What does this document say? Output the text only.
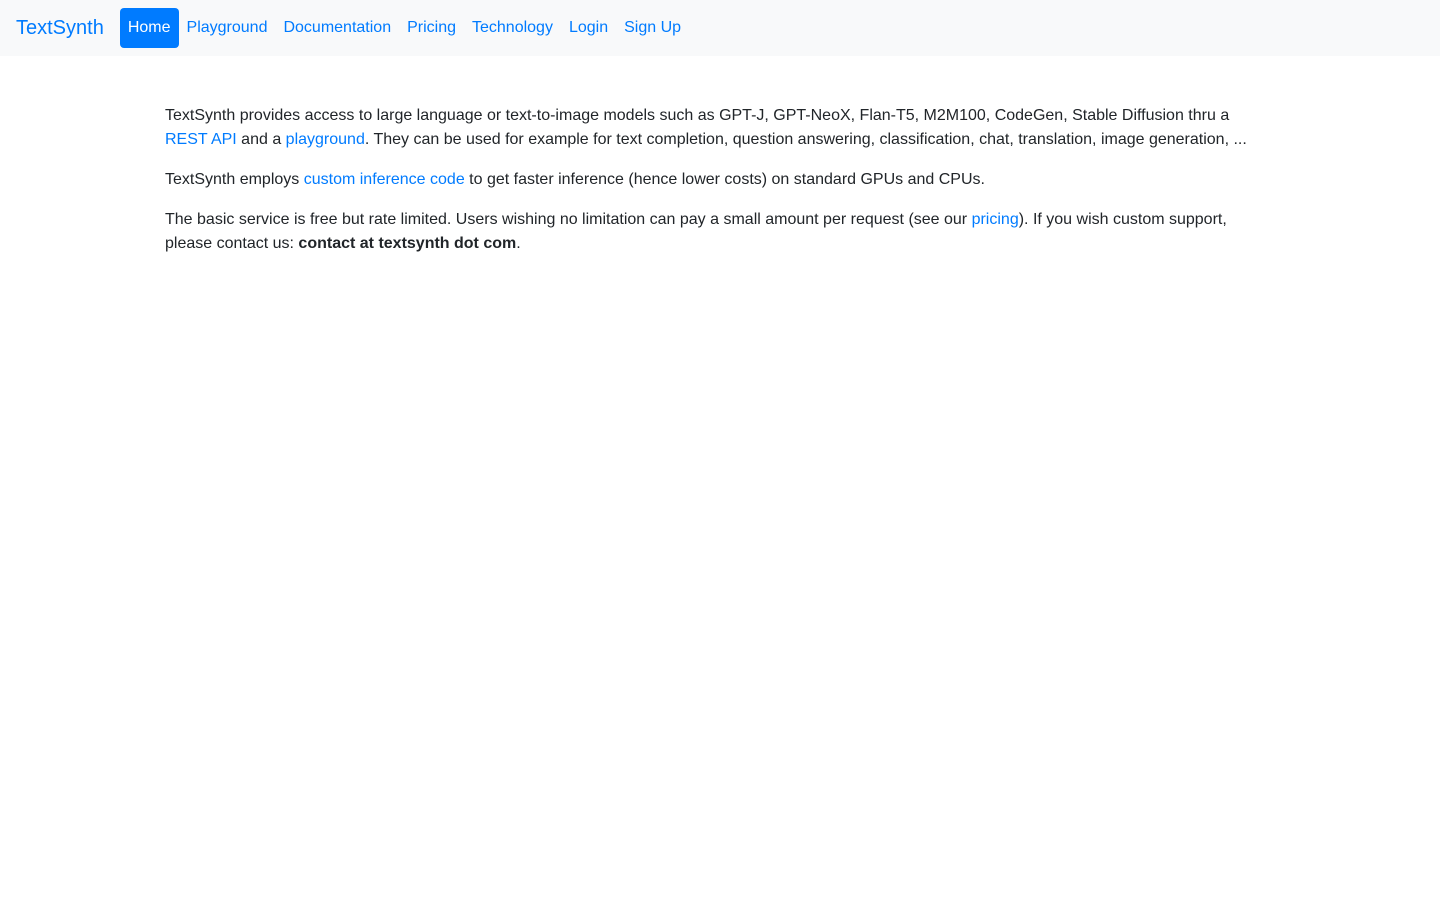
TextSynth	Home	Playground	Documentation	Pricing	Technology	Login	Sign Up

TextSynth provides access to large language or text-to-image models such as GPT-J, GPT-NeoX, Flan-T5, M2M100, CodeGen, Stable Diffusion thru a REST API and a playground. They can be used for example for text completion, question answering, classification, chat, translation, image generation, ...

TextSynth employs custom inference code to get faster inference (hence lower costs) on standard GPUs and CPUs.

The basic service is free but rate limited. Users wishing no limitation can pay a small amount per request (see our pricing). If you wish custom support, please contact us: contact at textsynth dot com.
